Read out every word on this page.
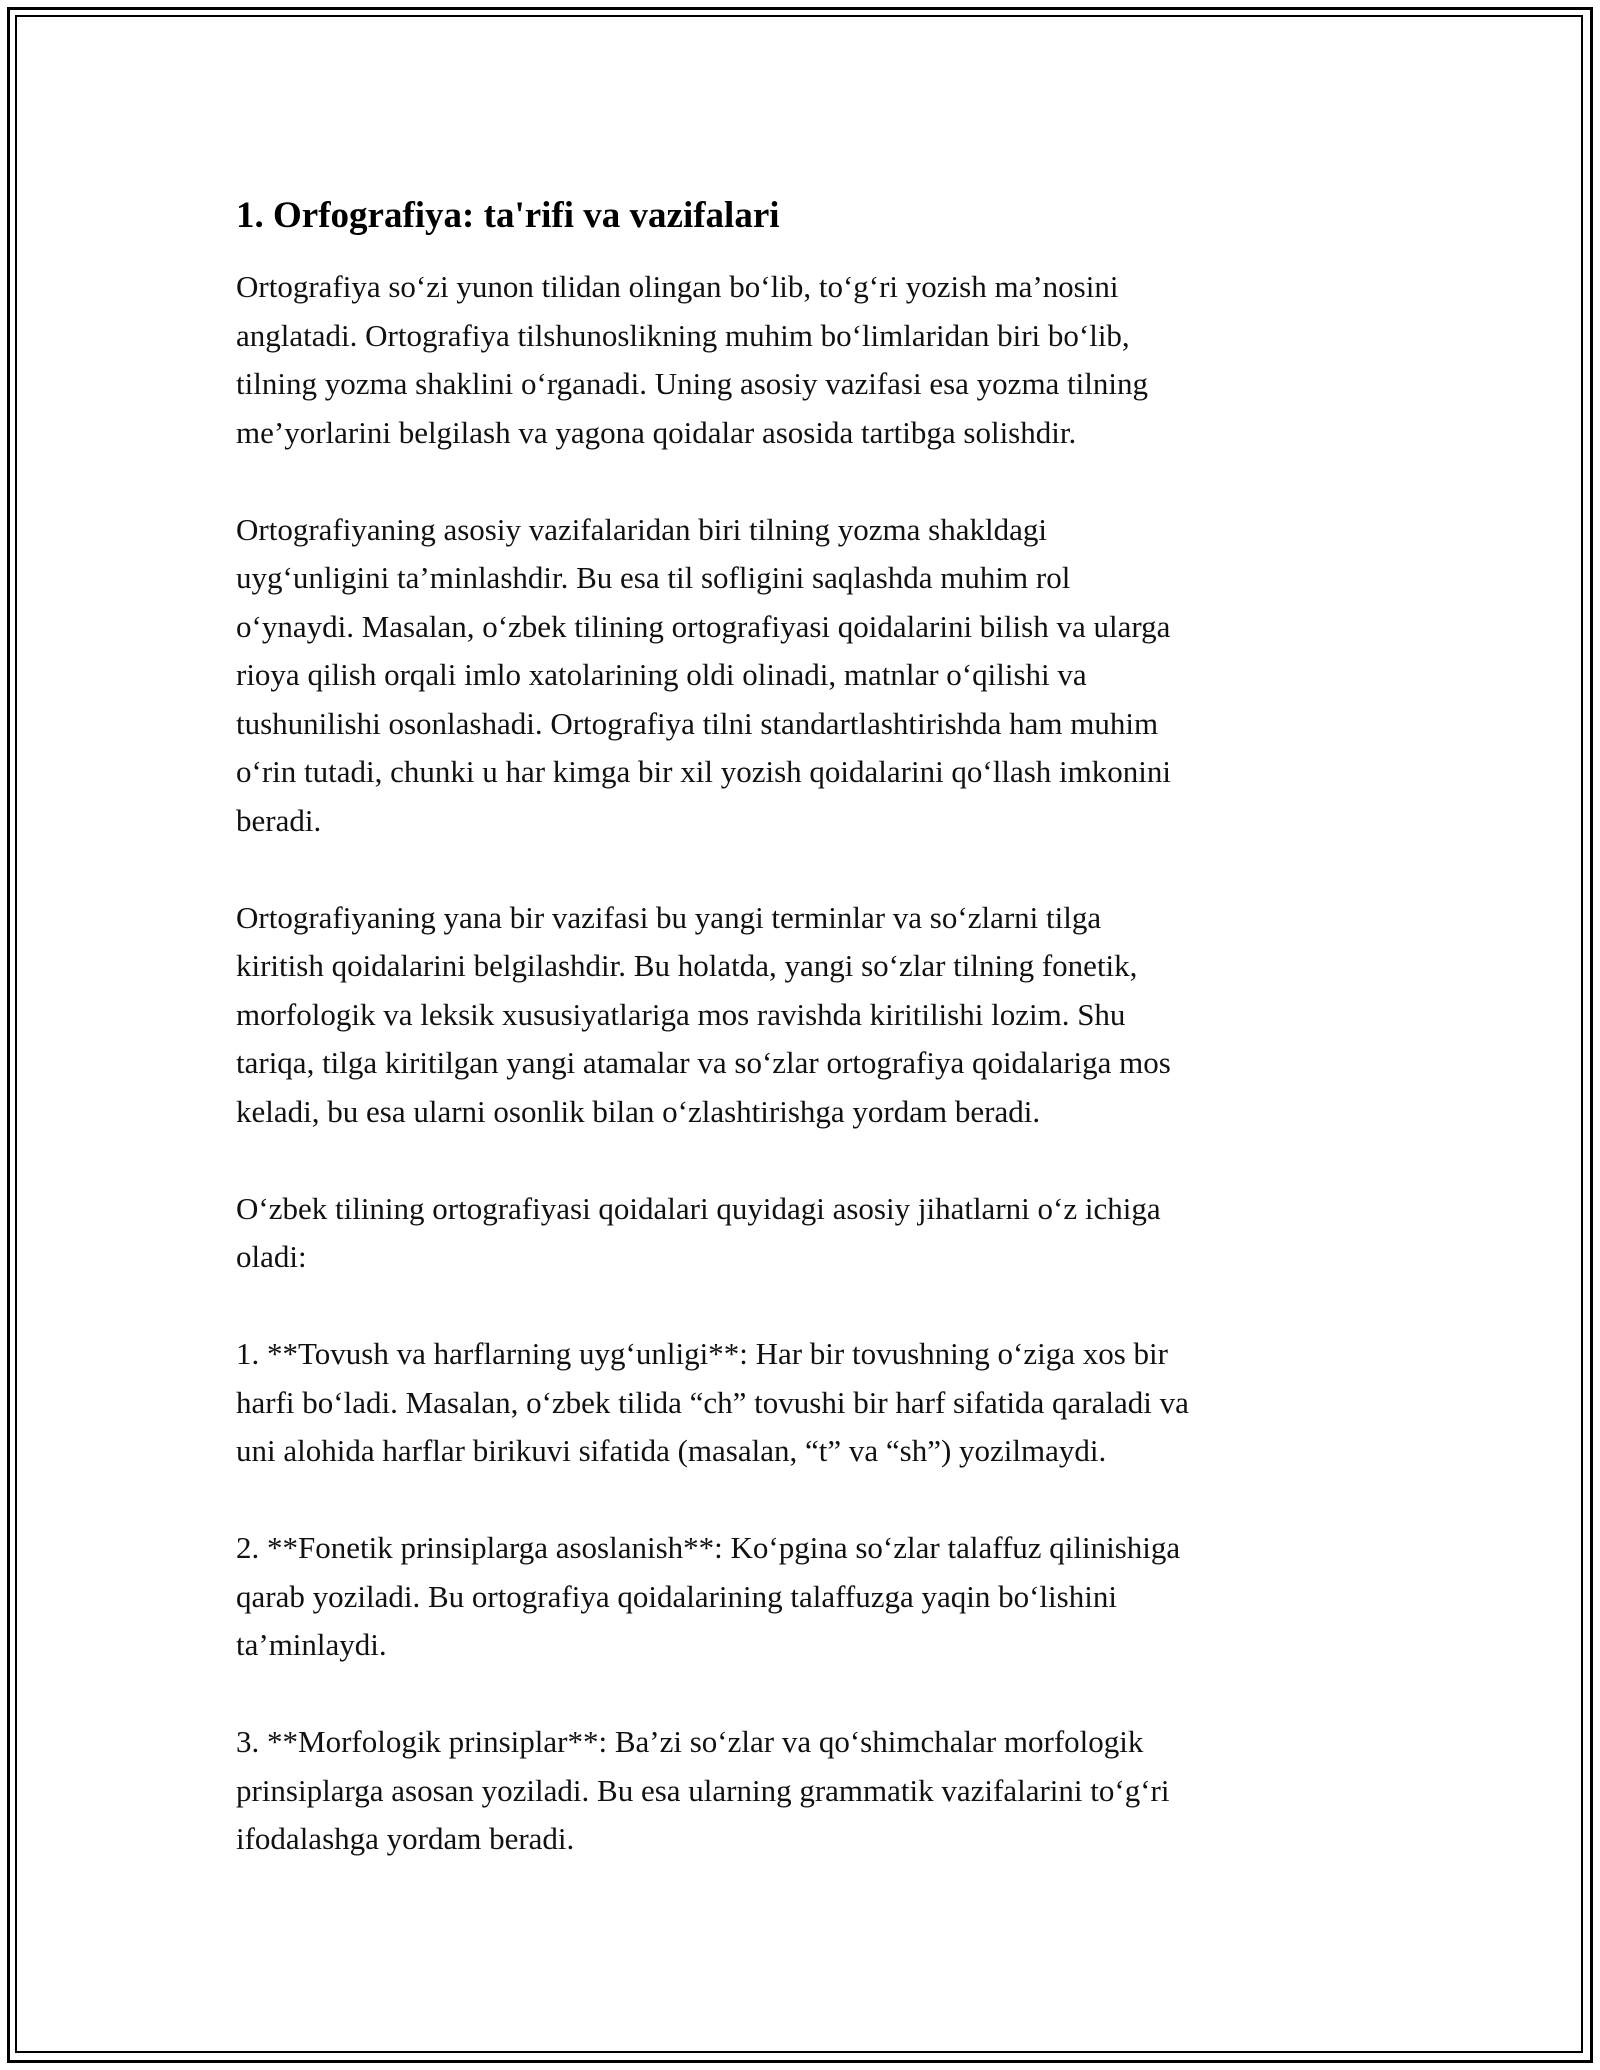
1. Orfografiya: ta'rifi va vazifalari

Ortografiya so‘zi yunon tilidan olingan bo‘lib, to‘g‘ri yozish ma’nosini
anglatadi. Ortografiya tilshunoslikning muhim bo‘limlaridan biri bo‘lib,
tilning yozma shaklini o‘rganadi. Uning asosiy vazifasi esa yozma tilning
me’yorlarini belgilash va yagona qoidalar asosida tartibga solishdir.

Ortografiyaning asosiy vazifalaridan biri tilning yozma shakldagi
uyg‘unligini ta’minlashdir. Bu esa til sofligini saqlashda muhim rol
o‘ynaydi. Masalan, o‘zbek tilining ortografiyasi qoidalarini bilish va ularga
rioya qilish orqali imlo xatolarining oldi olinadi, matnlar o‘qilishi va
tushunilishi osonlashadi. Ortografiya tilni standartlashtirishda ham muhim
o‘rin tutadi, chunki u har kimga bir xil yozish qoidalarini qo‘llash imkonini
beradi.

Ortografiyaning yana bir vazifasi bu yangi terminlar va so‘zlarni tilga
kiritish qoidalarini belgilashdir. Bu holatda, yangi so‘zlar tilning fonetik,
morfologik va leksik xususiyatlariga mos ravishda kiritilishi lozim. Shu
tariqa, tilga kiritilgan yangi atamalar va so‘zlar ortografiya qoidalariga mos
keladi, bu esa ularni osonlik bilan o‘zlashtirishga yordam beradi.

O‘zbek tilining ortografiyasi qoidalari quyidagi asosiy jihatlarni o‘z ichiga
oladi:

1. **Tovush va harflarning uyg‘unligi**: Har bir tovushning o‘ziga xos bir
harfi bo‘ladi. Masalan, o‘zbek tilida “ch” tovushi bir harf sifatida qaraladi va
uni alohida harflar birikuvi sifatida (masalan, “t” va “sh”) yozilmaydi.

2. **Fonetik prinsiplarga asoslanish**: Ko‘pgina so‘zlar talaffuz qilinishiga
qarab yoziladi. Bu ortografiya qoidalarining talaffuzga yaqin bo‘lishini
ta’minlaydi.

3. **Morfologik prinsiplar**: Ba’zi so‘zlar va qo‘shimchalar morfologik
prinsiplarga asosan yoziladi. Bu esa ularning grammatik vazifalarini to‘g‘ri
ifodalashga yordam beradi.
